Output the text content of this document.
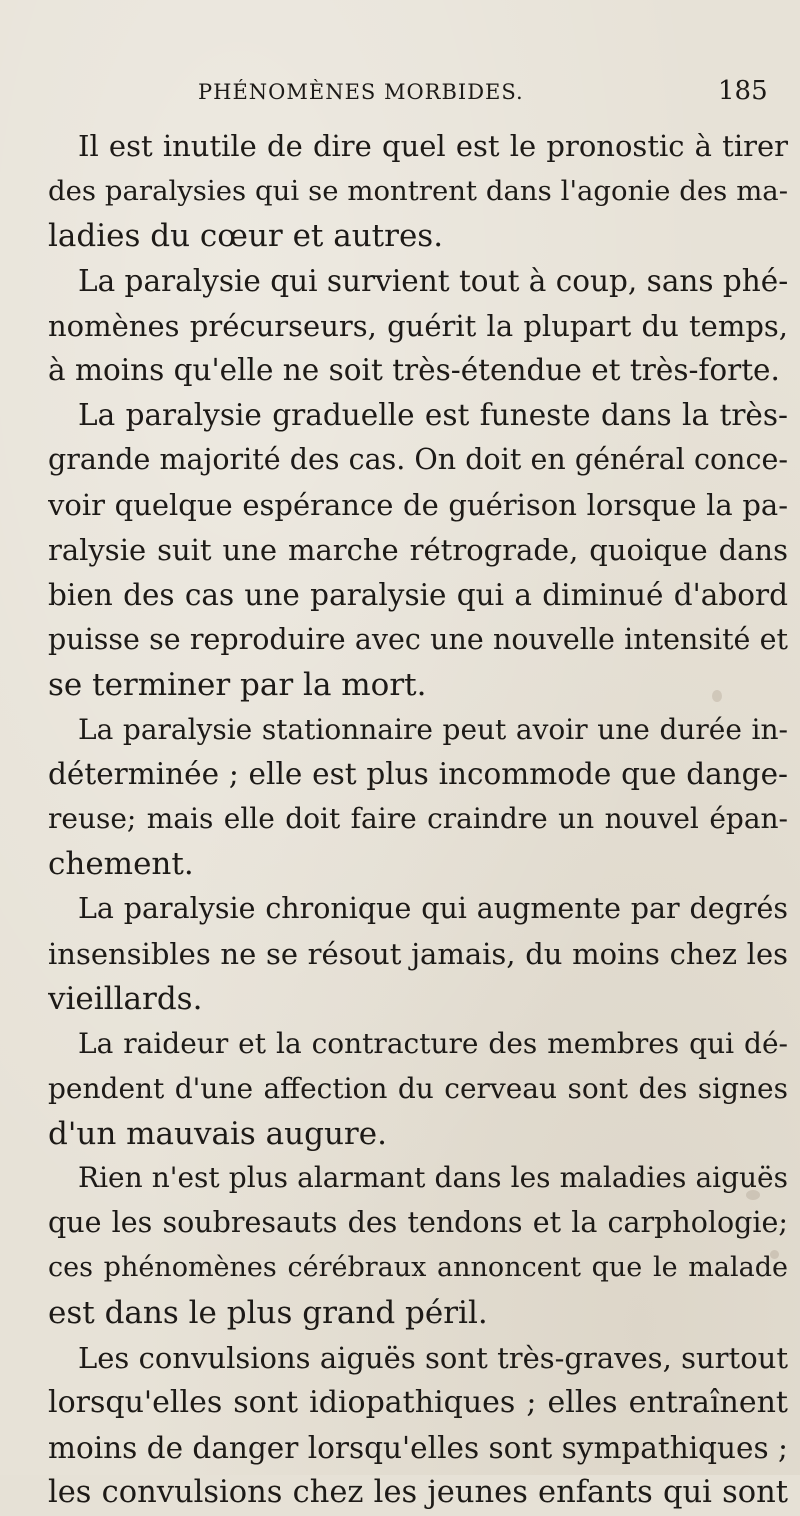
PHÉNOMÈNES MORBIDES.	185
Il est inutile de dire quel est le pronostic à tirer
des paralysies qui se montrent dans l'agonie des ma-
ladies du cœur et autres.
La paralysie qui survient tout à coup, sans phé-
nomènes précurseurs, guérit la plupart du temps,
à moins qu'elle ne soit très-étendue et très-forte.
La paralysie graduelle est funeste dans la très-
grande majorité des cas. On doit en général conce-
voir quelque espérance de guérison lorsque la pa-
ralysie suit une marche rétrograde, quoique dans
bien des cas une paralysie qui a diminué d'abord
puisse se reproduire avec une nouvelle intensité et
se terminer par la mort.
La paralysie stationnaire peut avoir une durée in-
déterminée ; elle est plus incommode que dange-
reuse; mais elle doit faire craindre un nouvel épan-
chement.
La paralysie chronique qui augmente par degrés
insensibles ne se résout jamais, du moins chez les
vieillards.
La raideur et la contracture des membres qui dé-
pendent d'une affection du cerveau sont des signes
d'un mauvais augure.
Rien n'est plus alarmant dans les maladies aiguës
que les soubresauts des tendons et la carphologie;
ces phénomènes cérébraux annoncent que le malade
est dans le plus grand péril.
Les convulsions aiguës sont très-graves, surtout
lorsqu'elles sont idiopathiques ; elles entraînent
moins de danger lorsqu'elles sont sympathiques ;
les convulsions chez les jeunes enfants qui sont
